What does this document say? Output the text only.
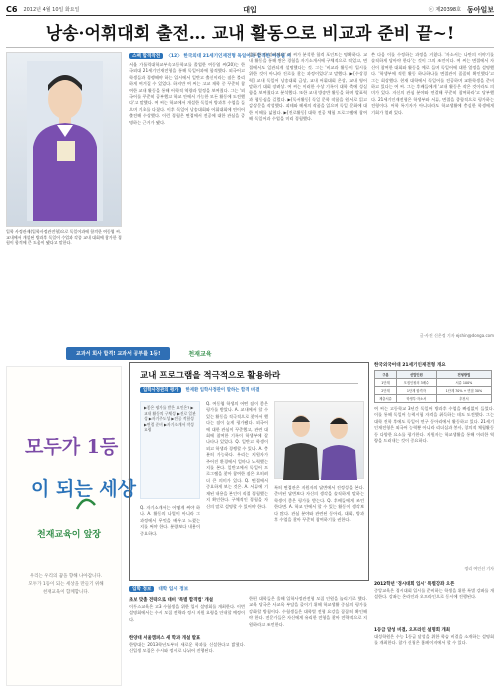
C6 2012년 4월 10일 화요일	대입	ⓒ 제20398호 동아일보
낭송·어휘대회 출전… 교내 활동으로 비교과 준비 끝~!
입학 사정관제(입학사정관전형)으로 독일어과에 합격한 여동엽 씨. 교내에서 개설된 방과후 독일어 수업과 각종 교내 대회에 참가한 경험이 합격에 큰 도움이 됐다고 말한다.
스펙 합격작전	〈12〉 한국외대 21세기인재전형 독일어과 합격한 여동엽 씨
서울 가톨릭대학교부속고등학교를 졸업한 여동엽 씨(20)는 한국외대 21세기인재전형을 통해 독일어과에 합격했다. 외국어고 학생들과 경쟁해야 하는 입시에서 일반고 출신이라는 점은 불리하게 여겨질 수 있었다. 하지만 여 씨는 고교 재학 중 꾸준히 참여한 교내 활동을 통해 어학적 역량과 열정을 보여줬다. 그는 '외국어를 꾸준히 공부했고 학교 안에서 가능한 모든 활동에 도전했다'고 말했다. 여 씨는 학교에서 개설한 독일어 방과후 수업을 들으며 기초를 다졌다. 이후 독일어 낭송대회와 어휘대회에 연이어 출전해 수상했다. 이런 경험은 면접에서 전공에 대한 관심을 증명하는 근거가 됐다.
발표한 것 말이에요' 여 씨가 분석한 합격 포인트는 명확하다. 교내 활동을 통해 쌓은 경험을 자기소개서에 구체적으로 적었고, 면접에서도 일관되게 설명했다는 것. 그는 '비교과 활동이 입시를 위한 것이 아니라 진로를 찾는 과정이었다'고 말했다. ▶[수상경력] 교내 독일어 낭송대회 금상, 교내 어휘대회 은상, 교내 영어 말하기 대회 장려상. 여 씨는 이러한 수상 기록이 대학 측에 성실함을 보여줬다고 분석했다. 또한 교내 방송반 활동을 하며 발표력과 협동심을 길렀다. ▶[독서활동] 독일 문학 작품을 원서로 읽고 감상문을 작성했다. 괴테와 헤세의 작품을 읽으며 독일 문화에 대한 이해를 넓혔다. ▶[진로활동] 대학 전공 체험 프로그램에 참여해 독일어과 수업을 미리 경험했다.
쓴 다음 이를 수정하는 과정을 거쳤다. '자소서는 나만의 이야기를 솔직하게 담아야 한다'는 것이 그의 조언이다. 여 씨는 면접에서 자신이 참여한 대회와 활동을 예로 들며 독일어에 대한 열정을 설명했다. '학생부에 적힌 활동 하나하나를 면접관이 꼼꼼히 확인했다'고 그는 회상했다. 현재 대학에서 독일어를 전공하며 교환학생을 준비하고 있다는 여 씨. 그는 후배들에게 '교내 활동은 작은 것이라도 의미가 있다. 자신의 관심 분야와 연결해 꾸준히 참여하라'고 당부했다. 21세기인재전형은 학생부와 서류, 면접을 종합적으로 평가하는 전형이다. 어학 특기자가 아니더라도 학교생활에 충실한 학생에게 기회가 열려 있다.
글·사진 신은정 기자 ejshin@donga.com
교과서 회사 합격! 교과서 공부를 1등!	천재교육
모두가 1등
이 되는 세상
천재교육이 앞장
우리는 우리의 꿈을 향해 나아갑니다.
모두가 1등이 되는 세상을 만들기 위해
천재교육이 함께합니다.
교내 프로그램을 적극적으로 활용하라
입학사정관의 평가	한재환 입학사정관이 말하는 합격 비결
▶좋은 평가를 받은 요인은? ▶교내 활동의 구체성 ▶진로 일관성 ▶자기주도성 ▶전공 적합성 ▶면접 준비 ▶자기소개서 작성 요령
Q. 여동엽 학생의 어떤 점이 좋은 평가를 받았나. A. 교내에서 할 수 있는 활동을 적극적으로 찾아서 했다는 점이 높게 평가됐다. 외국어에 대한 관심이 꾸준했고, 관련 대회에 참여한 기록이 학생부에 잘 나타나 있었다. Q. 일반고 학생이 외고 학생과 경쟁할 수 있나. A. 충분히 가능하다. 우리는 지원자가 주어진 환경에서 얼마나 노력했는지를 본다. 일반고에서 독일어 프로그램을 찾아 참여한 점은 오히려 더 큰 의미가 있다. Q. 면접에서 중요하게 보는 것은. A. 서류에 기재된 내용을 본인이 직접 경험했는지 확인한다. 구체적인 경험을 자신의 말로 설명할 수 있어야 한다.
특히 면접관은 지원자의 답변에서 진정성을 본다. 준비된 답변보다 자신의 생각을 솔직하게 말하는 학생이 좋은 평가를 받는다. Q. 후배들에게 조언한다면. A. 학교 안에서 할 수 있는 활동이 생각보다 많다. 관심 분야와 관련된 동아리, 대회, 방과후 수업을 찾아 꾸준히 참여하기를 권한다.
Q. 자기소개서는 어떻게 써야 하나. A. 활동의 나열이 아니라 그 과정에서 무엇을 배우고 느꼈는지를 써야 한다. 분량보다 내용이 중요하다.
한국외국어대 21세기인재전형 개요
구분	선발인원	전형방법
1단계	모집인원의 3배수	서류 100%
2단계	1단계 합격자	1단계 70% + 면접 30%
제출서류	학생부·자소서	추천서
여 씨는 고등학교 3년간 독일어 방과후 수업을 빠짐없이 들었다. 이를 통해 독일어 능력시험 자격을 취득하는 데도 도전했다. 그는 대학 진학 후에도 독일어 연구 동아리에서 활동하고 있다. 21세기인재전형은 외국어 능력뿐 아니라 리더십과 봉사, 창의적 체험활동 등 다양한 요소를 평가한다. 지원자는 학교생활을 통해 이러한 역량을 드러내는 것이 중요하다.
정리 여인선 기자
입학 정보	대학 입시 정보
초보 맞춤 전략으로 대비 '특별 합격법' 개설
이투스교육은 고3 수험생을 위한 입시 설명회를 개최한다. 이번 설명회에서는 수시 모집 전략과 정시 지원 요령을 안내할 예정이다.
한양대 서울캠퍼스 새 학과 개설 발표
한양대는 2013학년도부터 새로운 학과를 신설한다고 밝혔다. 신입생 모집은 수시와 정시로 나뉘어 진행된다.
한편 대학들은 올해 입학사정관전형 모집 인원을 늘리기로 했다. 교육 당국은 사교육 부담을 줄이기 위해 학교생활 중심의 평가를 강화할 방침이다. 수험생들은 대학별 전형 요강을 꼼꼼히 확인해야 한다. 전문가들은 자신에게 유리한 전형을 찾아 전략적으로 지원하라고 조언한다.
2012학년 '경시대회 입시' 특별강좌 오픈
중앙교육은 경시대회 입시를 준비하는 학생을 위한 특별 강좌를 개설한다. 강좌는 온라인과 오프라인으로 동시에 진행된다.
1등급 달성 비결, 오프라인 설명회 개최
대성학원은 수능 1등급 달성을 위한 학습 비결을 소개하는 설명회를 개최한다. 참가 신청은 홈페이지에서 할 수 있다.
